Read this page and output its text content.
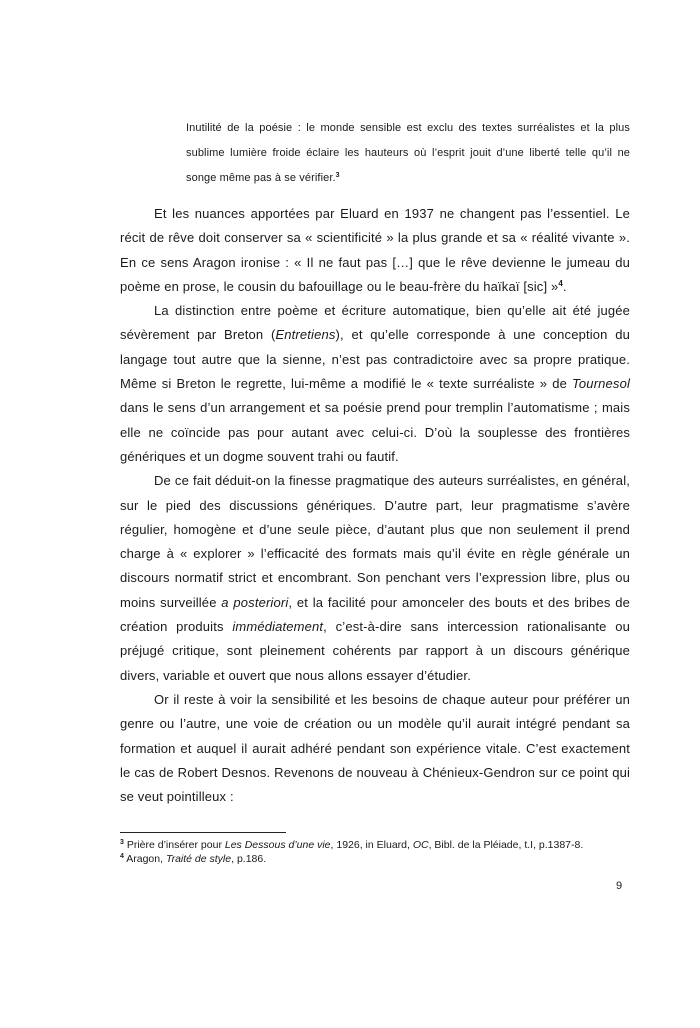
Inutilité de la poésie : le monde sensible est exclu des textes surréalistes et la plus sublime lumière froide éclaire les hauteurs où l’esprit jouit d’une liberté telle qu’il ne songe même pas à se vérifier.$^3$

Et les nuances apportées par Eluard en 1937 ne changent pas l’essentiel. Le récit de rêve doit conserver sa « scientificité » la plus grande et sa « réalité vivante ». En ce sens Aragon ironise : « Il ne faut pas […] que le rêve devienne le jumeau du poème en prose, le cousin du bafouillage ou le beau-frère du haïkaï [sic] »$^4$.

La distinction entre poème et écriture automatique, bien qu’elle ait été jugée sévèrement par Breton (Entretiens), et qu’elle corresponde à une conception du langage tout autre que la sienne, n’est pas contradictoire avec sa propre pratique. Même si Breton le regrette, lui-même a modifié le « texte surréaliste » de Tournesol dans le sens d’un arrangement et sa poésie prend pour tremplin l’automatisme ; mais elle ne coïncide pas pour autant avec celui-ci. D’où la souplesse des frontières génériques et un dogme souvent trahi ou fautif.

De ce fait déduit-on la finesse pragmatique des auteurs surréalistes, en général, sur le pied des discussions génériques. D’autre part, leur pragmatisme s’avère régulier, homogène et d’une seule pièce, d’autant plus que non seulement il prend charge à « explorer » l’efficacité des formats mais qu’il évite en règle générale un discours normatif strict et encombrant. Son penchant vers l’expression libre, plus ou moins surveillée a posteriori, et la facilité pour amonceler des bouts et des bribes de création produits immédiatement, c’est-à-dire sans intercession rationalisante ou préjugé critique, sont pleinement cohérents par rapport à un discours générique divers, variable et ouvert que nous allons essayer d’étudier.

Or il reste à voir la sensibilité et les besoins de chaque auteur pour préférer un genre ou l’autre, une voie de création ou un modèle qu’il aurait intégré pendant sa formation et auquel il aurait adhéré pendant son expérience vitale. C’est exactement le cas de Robert Desnos. Revenons de nouveau à Chénieux-Gendron sur ce point qui se veut pointilleux :

$^3$ Prière d’insérer pour Les Dessous d’une vie, 1926, in Eluard, OC, Bibl. de la Pléiade, t.I, p.1387-8.

$^4$ Aragon, Traité de style, p.186.

9
